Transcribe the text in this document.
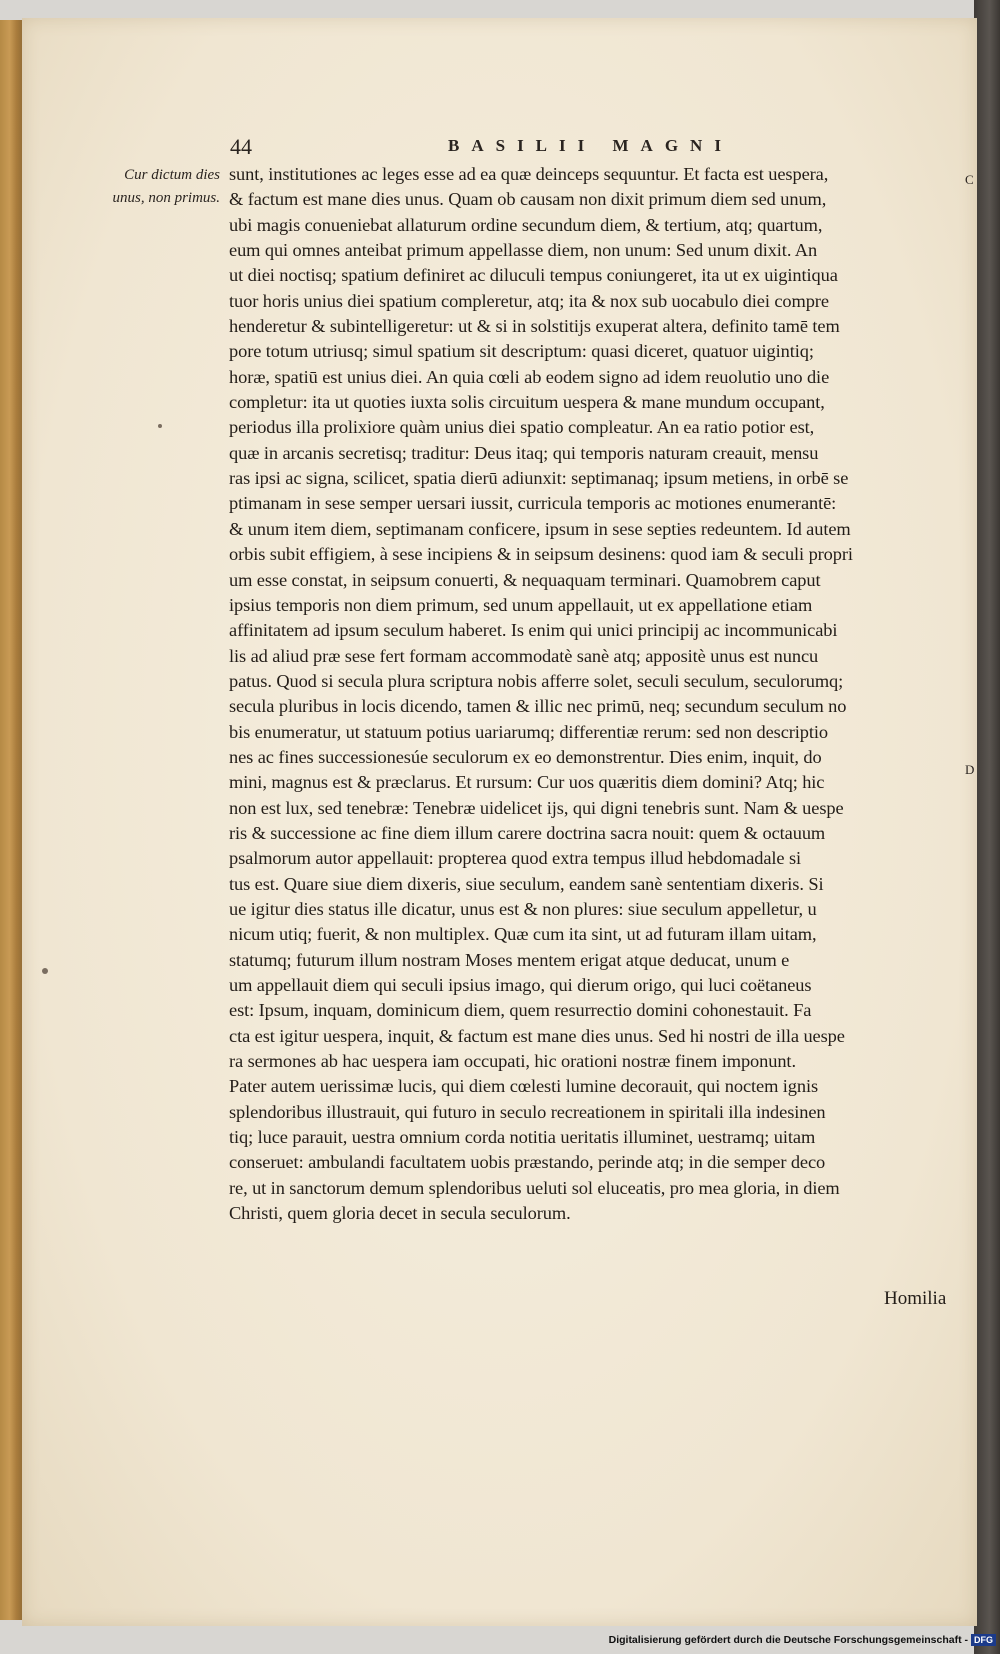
44	BASILII MAGNI
Cur dictum dies unus, non primus.
C
D
sunt, institutiones ac leges esse ad ea quæ deinceps sequuntur. Et facta est uespera,
& factum est mane dies unus. Quam ob causam non dixit primum diem sed unum,
ubi magis conueniebat allaturum ordine secundum diem, & tertium, atq; quartum,
eum qui omnes anteibat primum appellasse diem, non unum: Sed unum dixit. An
ut diei noctisq; spatium definiret ac diluculi tempus coniungeret, ita ut ex uigintiqua
tuor horis unius diei spatium compleretur, atq; ita & nox sub uocabulo diei compre
henderetur & subintelligeretur: ut & si in solstitijs exuperat altera, definito tamē tem
pore totum utriusq; simul spatium sit descriptum: quasi diceret, quatuor uigintiq;
horæ, spatiū est unius diei. An quia cœli ab eodem signo ad idem reuolutio uno die
completur: ita ut quoties iuxta solis circuitum uespera & mane mundum occupant,
periodus illa prolixiore quàm unius diei spatio compleatur. An ea ratio potior est,
quæ in arcanis secretisq; traditur: Deus itaq; qui temporis naturam creauit, mensu
ras ipsi ac signa, scilicet, spatia dierū adiunxit: septimanaq; ipsum metiens, in orbē se
ptimanam in sese semper uersari iussit, curricula temporis ac motiones enumerantē:
& unum item diem, septimanam conficere, ipsum in sese septies redeuntem. Id autem
orbis subit effigiem, à sese incipiens & in seipsum desinens: quod iam & seculi propri
um esse constat, in seipsum conuerti, & nequaquam terminari. Quamobrem caput
ipsius temporis non diem primum, sed unum appellauit, ut ex appellatione etiam
affinitatem ad ipsum seculum haberet. Is enim qui unici principij ac incommunicabi
lis ad aliud præ sese fert formam accommodatè sanè atq; appositè unus est nuncu
patus. Quod si secula plura scriptura nobis afferre solet, seculi seculum, seculorumq;
secula pluribus in locis dicendo, tamen & illic nec primū, neq; secundum seculum no
bis enumeratur, ut statuum potius uariarumq; differentiæ rerum: sed non descriptio
nes ac fines successionesúe seculorum ex eo demonstrentur. Dies enim, inquit, do
mini, magnus est & præclarus. Et rursum: Cur uos quæritis diem domini? Atq; hic
non est lux, sed tenebræ: Tenebræ uidelicet ijs, qui digni tenebris sunt. Nam & uespe
ris & successione ac fine diem illum carere doctrina sacra nouit: quem & octauum
psalmorum autor appellauit: propterea quod extra tempus illud hebdomadale si
tus est. Quare siue diem dixeris, siue seculum, eandem sanè sententiam dixeris. Si
ue igitur dies status ille dicatur, unus est & non plures: siue seculum appelletur, u
nicum utiq; fuerit, & non multiplex. Quæ cum ita sint, ut ad futuram illam uitam,
statumq; futurum illum nostram Moses mentem erigat atque deducat, unum e
um appellauit diem qui seculi ipsius imago, qui dierum origo, qui luci coëtaneus
est: Ipsum, inquam, dominicum diem, quem resurrectio domini cohonestauit. Fa
cta est igitur uespera, inquit, & factum est mane dies unus. Sed hi nostri de illa uespe
ra sermones ab hac uespera iam occupati, hic orationi nostræ finem imponunt.
Pater autem uerissimæ lucis, qui diem cœlesti lumine decorauit, qui noctem ignis
splendoribus illustrauit, qui futuro in seculo recreationem in spiritali illa indesinen
tiq; luce parauit, uestra omnium corda notitia ueritatis illuminet, uestramq; uitam
conseruet: ambulandi facultatem uobis præstando, perinde atq; in die semper deco
re, ut in sanctorum demum splendoribus ueluti sol eluceatis, pro mea gloria, in diem
Christi, quem gloria decet in secula seculorum.
Homilia
Digitalisierung gefördert durch die Deutsche Forschungsgemeinschaft - DFG
